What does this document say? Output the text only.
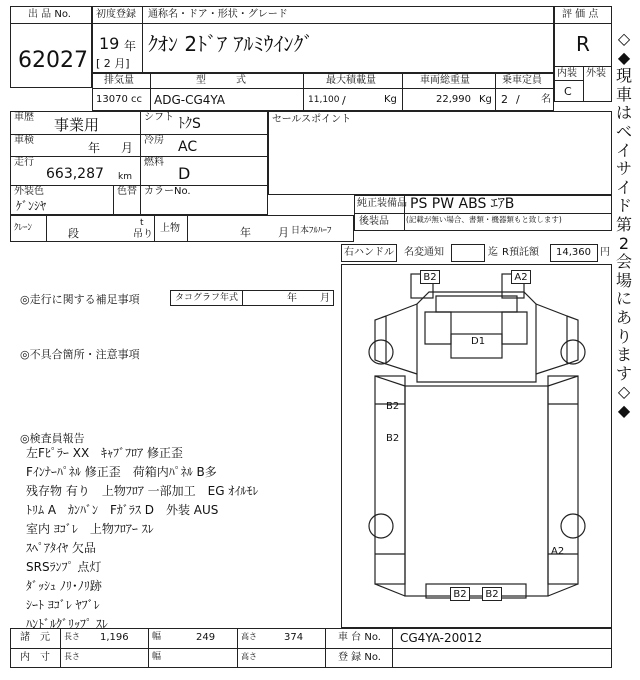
出 品 No.
62027
初度登録 通称名・ドア・形状・グレード
19 年
[ 2 月]
ｸｵﾝ 2ﾄﾞｱ ｱﾙﾐｳｲﾝｸﾞ
評 価 点
R
内装 外装
C
排気量	型　　　式	最大積載量	車両総重量	乗車定員
13070 cc ADG-CG4YA	11,100 /	Kg	22,990 Kg 2 / 名
車歴 事業用	シフト ﾄｸS
車検
年 月
冷房 AC
走行
663,287 km
燃料
D
外装色
ｹﾞﾝｼﾔ
色替 カラーNo.
セールスポイント
純正装備品 PS PW ABS ｴｱB
後装品 (記載が無い場合、書類・機器類もと致します)
ｸﾚｰﾝ	段
t
吊り
上物	年 月 日本ﾌﾙﾊｰﾌ
右ハンドル 名変通知	迄 R預託額 14,360 円
◎走行に関する補足事項	タコグラフ年式	年 月
◎不具合箇所・注意事項
◎検査員報告
左Fﾋﾟﾗｰ XX　ｷｬﾌﾞﾌﾛｱ 修正歪
Fｲﾝﾅｰﾊﾟﾈﾙ 修正歪　荷箱内ﾊﾟﾈﾙ B多
残存物 有り　上物ﾌﾛｱ 一部加工　EG ｵｲﾙﾓﾚ
ﾄﾘﾑ A　ｶﾝﾊﾞﾝ　Fｶﾞﾗｽ D　外装 AUS
室内 ﾖｺﾞﾚ　上物ﾌﾛｱｰ ｽﾚ
ｽﾍﾟｱﾀｲﾔ 欠品
SRSﾗﾝﾌﾟ 点灯
ﾀﾞｯｼｭ ﾉﾘ･ﾉﾘ跡
ｼｰﾄ ﾖｺﾞﾚ ﾔﾌﾞﾚ
ﾊﾝﾄﾞﾙｸﾞﾘｯﾌﾟ ｽﾚ
B2	A2
D1
B2
B2
A2
B2	B2
諸　元 長さ 1,196	幅	249	高さ	374	車 台 No. CG4YA-20012
内　寸 長さ	幅	高さ	登 録 No.
◇◆現車はベイサイド第2会場にあります◇◆
